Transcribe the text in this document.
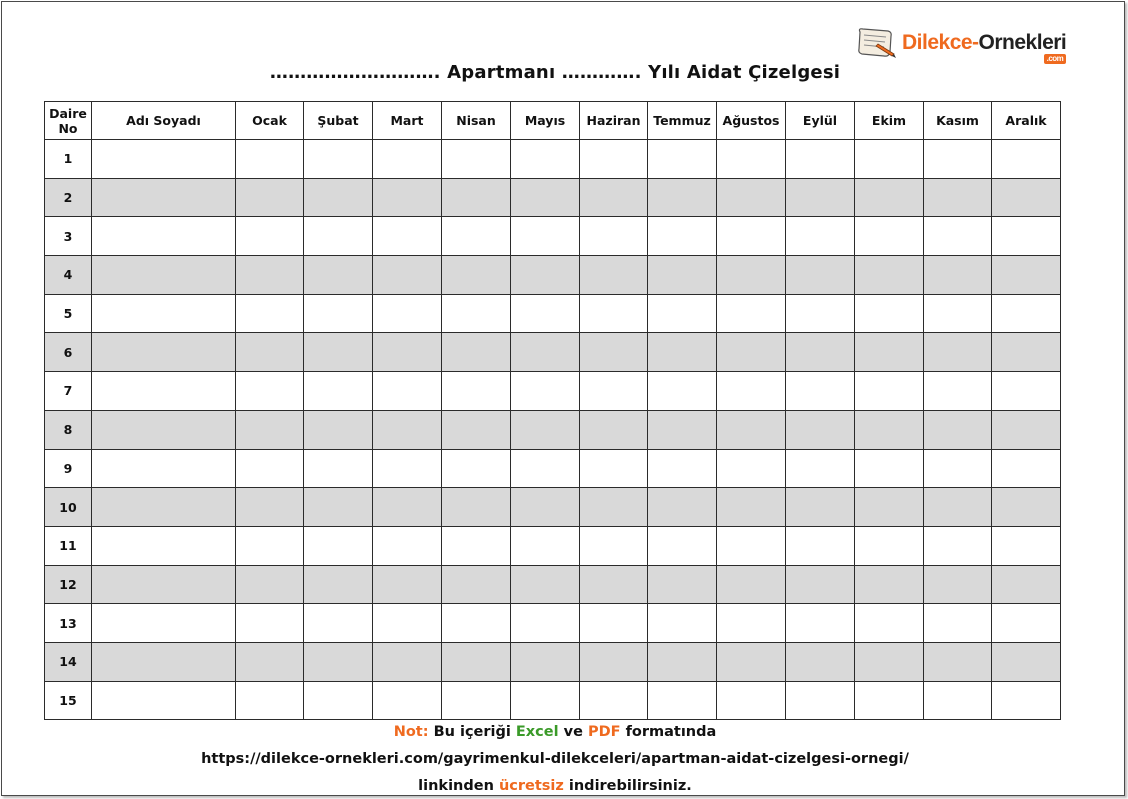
Dilekce-Ornekleri
.com
………………………. Apartmanı …………. Yılı Aidat Çizelgesi
Daire
No	Adı Soyadı	Ocak	Şubat	Mart	Nisan	Mayıs	Haziran	Temmuz	Ağustos	Eylül	Ekim	Kasım	Aralık
1													
2													
3													
4													
5													
6													
7													
8													
9													
10													
11													
12													
13													
14													
15													
Not: Bu içeriği Excel ve PDF formatında
https://dilekce-ornekleri.com/gayrimenkul-dilekceleri/apartman-aidat-cizelgesi-ornegi/
linkinden ücretsiz indirebilirsiniz.
